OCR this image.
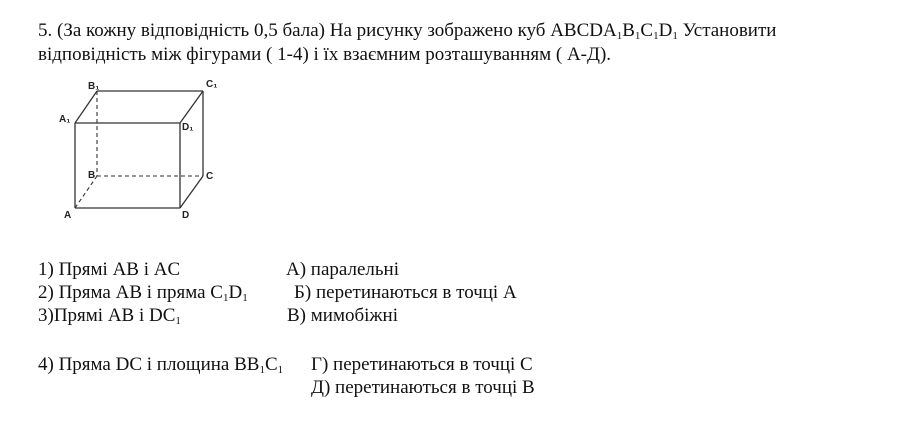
5. (За кожну відповідність 0,5 бала) На рисунку зображено куб $ABCDA_1B_1C_1D_1$ Установити
відповідність між фігурами ( 1-4) і їх взаємним розташуванням ( А-Д).
B₁	C₁
A₁
D₁
B	C
A	D
1) Прямі AB і AC
2) Пряма AB і пряма $C_1D_1$
3)Прямі AB і $DC_1$
4) Пряма DC і площина $BB_1C_1$
А) паралельні
Б) перетинаються в точці A
В) мимобіжні
Г) перетинаються в точці C
Д) перетинаються в точці B
